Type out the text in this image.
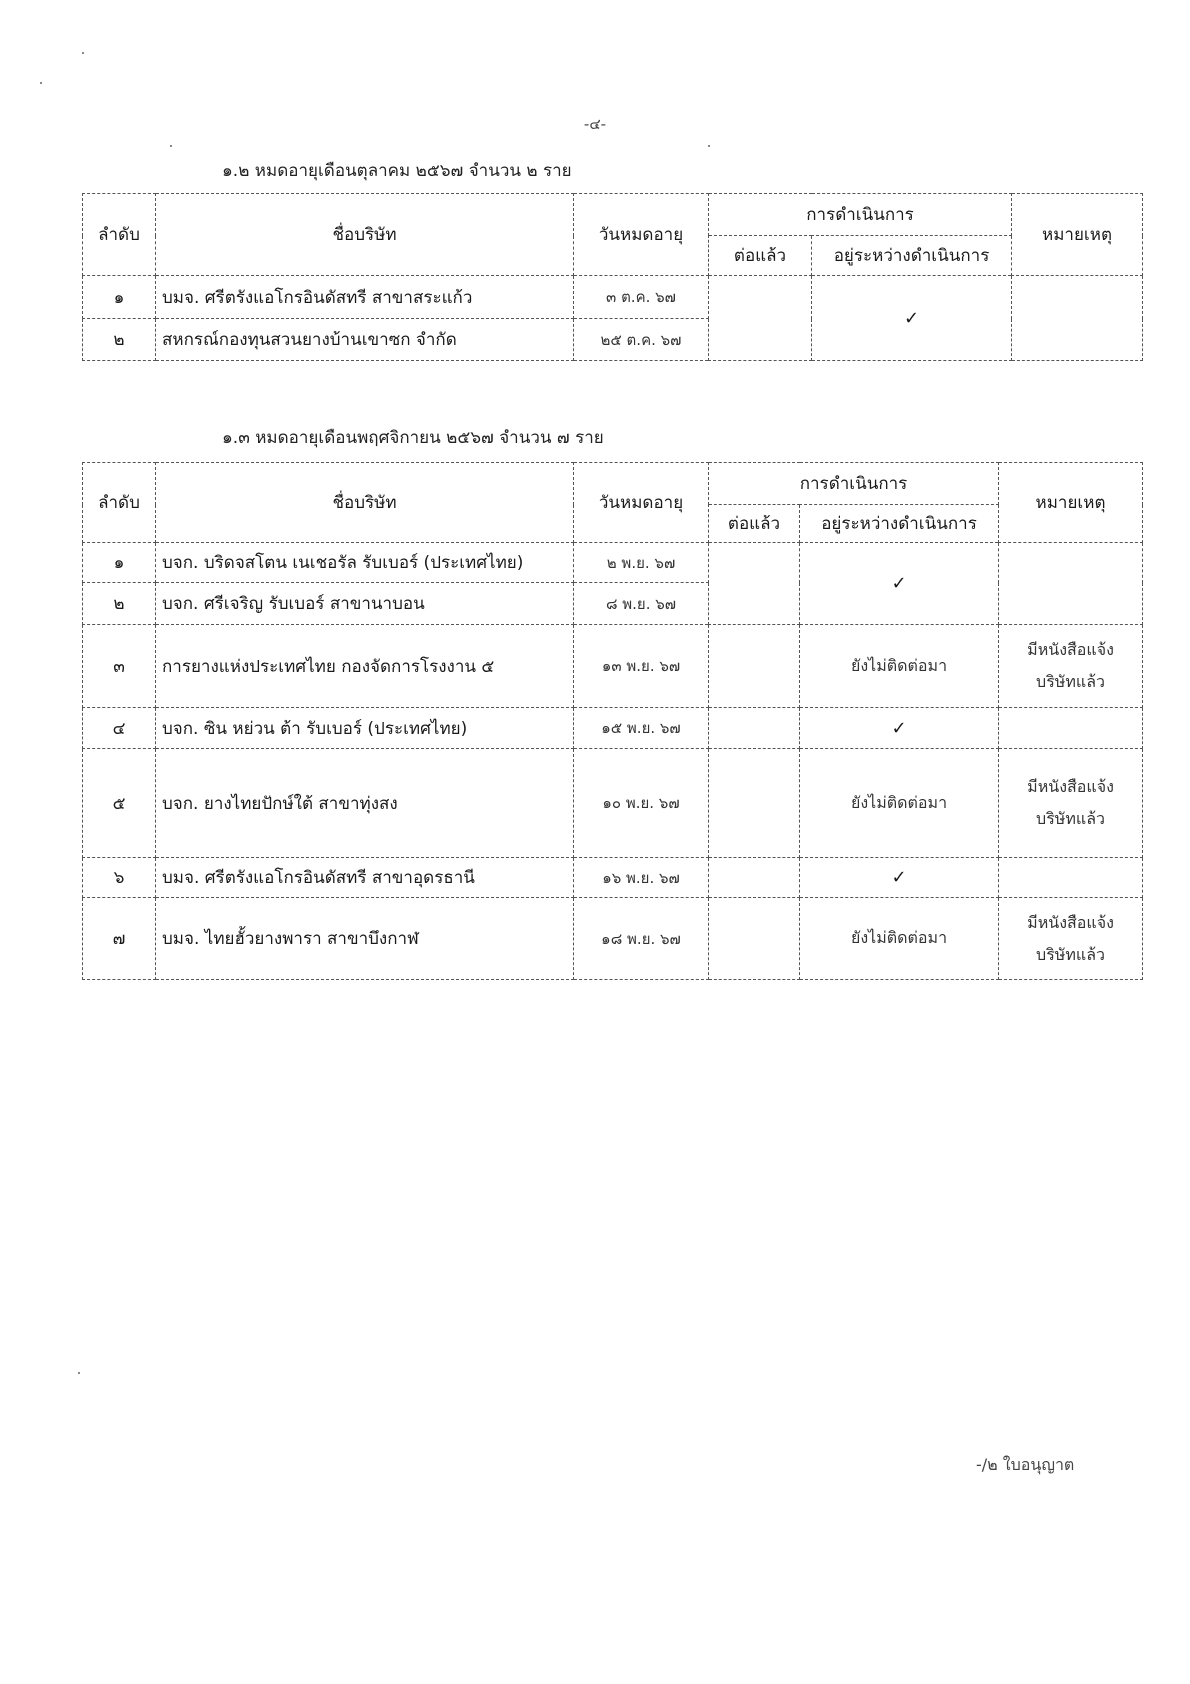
-๔-
๑.๒ หมดอายุเดือนตุลาคม ๒๕๖๗ จำนวน ๒ ราย
ลำดับ	ชื่อบริษัท	วันหมดอายุ	การดำเนินการ		หมายเหตุ
			ต่อแล้ว	อยู่ระหว่างดำเนินการ	
๑	บมจ. ศรีตรังแอโกรอินดัสทรี สาขาสระแก้ว	๓ ต.ค. ๖๗		✓	
๒	สหกรณ์กองทุนสวนยางบ้านเขาซก จำกัด	๒๕ ต.ค. ๖๗			
๑.๓ หมดอายุเดือนพฤศจิกายน ๒๕๖๗ จำนวน ๗ ราย
ลำดับ	ชื่อบริษัท	วันหมดอายุ	การดำเนินการ		หมายเหตุ
			ต่อแล้ว	อยู่ระหว่างดำเนินการ	
๑	บจก. บริดจสโตน เนเชอรัล รับเบอร์ (ประเทศไทย)	๒ พ.ย. ๖๗		✓	
๒	บจก. ศรีเจริญ รับเบอร์ สาขานาบอน	๘ พ.ย. ๖๗			
๓	การยางแห่งประเทศไทย กองจัดการโรงงาน ๕	๑๓ พ.ย. ๖๗		ยังไม่ติดต่อมา	มีหนังสือแจ้ง
บริษัทแล้ว
๔	บจก. ซิน หย่วน ต้า รับเบอร์ (ประเทศไทย)	๑๕ พ.ย. ๖๗		✓	
๕	บจก. ยางไทยปักษ์ใต้ สาขาทุ่งสง	๑๐ พ.ย. ๖๗		ยังไม่ติดต่อมา	มีหนังสือแจ้ง
บริษัทแล้ว
๖	บมจ. ศรีตรังแอโกรอินดัสทรี สาขาอุดรธานี	๑๖ พ.ย. ๖๗		✓	
๗	บมจ. ไทยฮั้วยางพารา สาขาบึงกาฬ	๑๘ พ.ย. ๖๗		ยังไม่ติดต่อมา	มีหนังสือแจ้ง
บริษัทแล้ว
-/๒ ใบอนุญาต
